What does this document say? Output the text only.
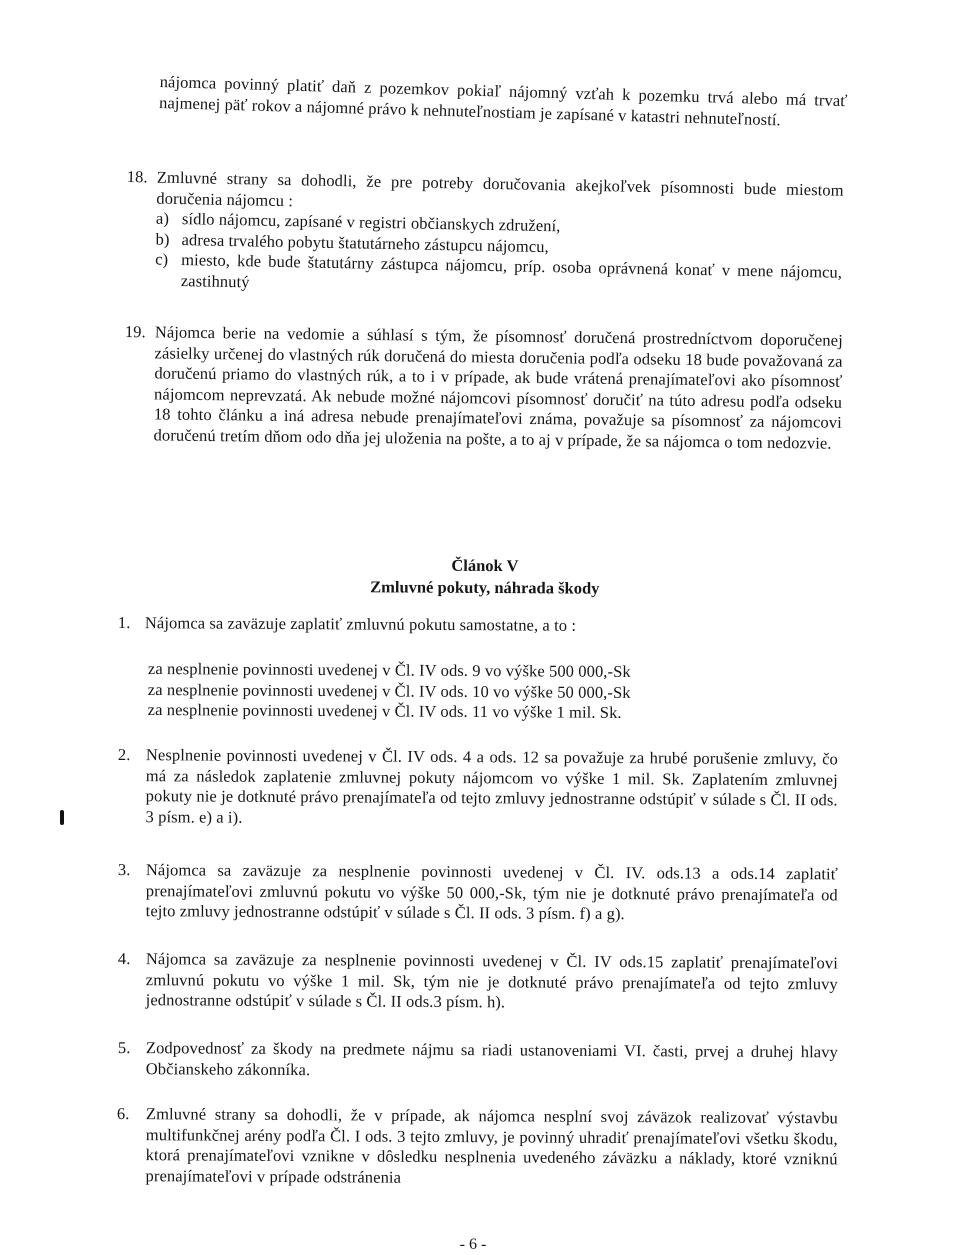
nájomca povinný platiť daň z pozemkov pokiaľ nájomný vzťah k pozemku trvá alebo má trvať najmenej päť rokov a nájomné právo k nehnuteľnostiam je zapísané v katastri nehnuteľností.

18. Zmluvné strany sa dohodli, že pre potreby doručovania akejkoľvek písomnosti bude miestom doručenia nájomcu :

a) sídlo nájomcu, zapísané v registri občianskych združení,
b) adresa trvalého pobytu štatutárneho zástupcu nájomcu,
c) miesto, kde bude štatutárny zástupca nájomcu, príp. osoba oprávnená konať v mene nájomcu, zastihnutý
19. Nájomca berie na vedomie a súhlasí s tým, že písomnosť doručená prostredníctvom doporučenej zásielky určenej do vlastných rúk doručená do miesta doručenia podľa odseku 18 bude považovaná za doručenú priamo do vlastných rúk, a to i v prípade, ak bude vrátená prenajímateľovi ako písomnosť nájomcom neprevzatá. Ak nebude možné nájomcovi písomnosť doručiť na túto adresu podľa odseku 18 tohto článku a iná adresa nebude prenajímateľovi známa, považuje sa písomnosť za nájomcovi doručenú tretím dňom odo dňa jej uloženia na pošte, a to aj v prípade, že sa nájomca o tom nedozvie.

Článok V
Zmluvné pokuty, náhrada škody
1. Nájomca sa zaväzuje zaplatiť zmluvnú pokutu samostatne, a to :

za nesplnenie povinnosti uvedenej v Čl. IV ods. 9 vo výške 500 000,-Sk
za nesplnenie povinnosti uvedenej v Čl. IV ods. 10 vo výške 50 000,-Sk
za nesplnenie povinnosti uvedenej v Čl. IV ods. 11 vo výške 1 mil. Sk.
2. Nesplnenie povinnosti uvedenej v Čl. IV ods. 4 a ods. 12 sa považuje za hrubé porušenie zmluvy, čo má za následok zaplatenie zmluvnej pokuty nájomcom vo výške 1 mil. Sk. Zaplatením zmluvnej pokuty nie je dotknuté právo prenajímateľa od tejto zmluvy jednostranne odstúpiť v súlade s Čl. II ods. 3 písm. e) a i).

3. Nájomca sa zaväzuje za nesplnenie povinnosti uvedenej v Čl. IV. ods.13 a ods.14 zaplatiť prenajímateľovi zmluvnú pokutu vo výške 50 000,-Sk, tým nie je dotknuté právo prenajímateľa od tejto zmluvy jednostranne odstúpiť v súlade s Čl. II ods. 3 písm. f) a g).

4. Nájomca sa zaväzuje za nesplnenie povinnosti uvedenej v Čl. IV ods.15 zaplatiť prenajímateľovi zmluvnú pokutu vo výške 1 mil. Sk, tým nie je dotknuté právo prenajímateľa od tejto zmluvy jednostranne odstúpiť v súlade s Čl. II ods.3 písm. h).

5. Zodpovednosť za škody na predmete nájmu sa riadi ustanoveniami VI. časti, prvej a druhej hlavy Občianskeho zákonníka.

6. Zmluvné strany sa dohodli, že v prípade, ak nájomca nesplní svoj záväzok realizovať výstavbu multifunkčnej arény podľa Čl. I ods. 3 tejto zmluvy, je povinný uhradiť prenajímateľovi všetku škodu, ktorá prenajímateľovi vznikne v dôsledku nesplnenia uvedeného záväzku a náklady, ktoré vzniknú prenajímateľovi v prípade odstránenia

- 6 -
